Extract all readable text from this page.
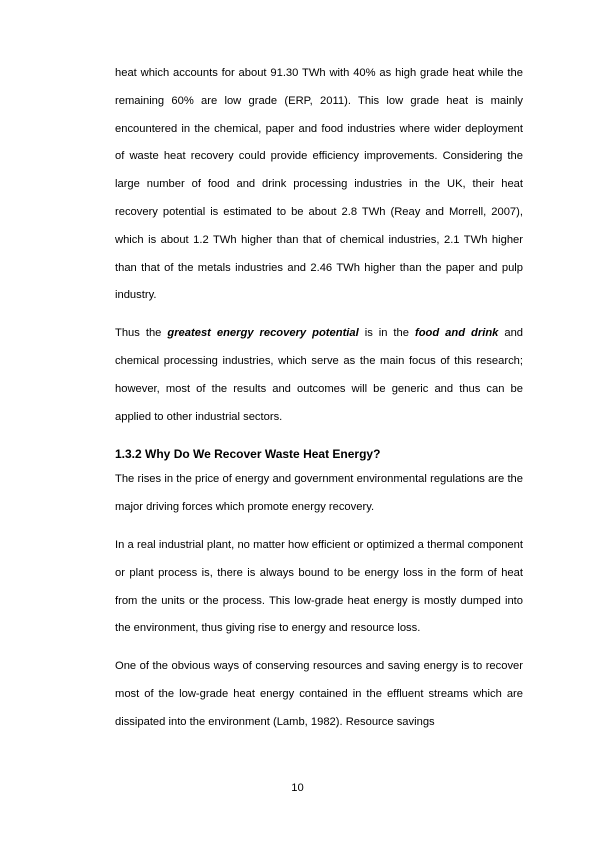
heat which accounts for about 91.30 TWh with 40% as high grade heat while the remaining 60% are low grade (ERP, 2011). This low grade heat is mainly encountered in the chemical, paper and food industries where wider deployment of waste heat recovery could provide efficiency improvements. Considering the large number of food and drink processing industries in the UK, their heat recovery potential is estimated to be about 2.8 TWh (Reay and Morrell, 2007), which is about 1.2 TWh higher than that of chemical industries, 2.1 TWh higher than that of the metals industries and 2.46 TWh higher than the paper and pulp industry.

Thus the greatest energy recovery potential is in the food and drink and chemical processing industries, which serve as the main focus of this research; however, most of the results and outcomes will be generic and thus can be applied to other industrial sectors.

1.3.2 Why Do We Recover Waste Heat Energy?

The rises in the price of energy and government environmental regulations are the major driving forces which promote energy recovery.

In a real industrial plant, no matter how efficient or optimized a thermal component or plant process is, there is always bound to be energy loss in the form of heat from the units or the process. This low-grade heat energy is mostly dumped into the environment, thus giving rise to energy and resource loss.

One of the obvious ways of conserving resources and saving energy is to recover most of the low-grade heat energy contained in the effluent streams which are dissipated into the environment (Lamb, 1982). Resource savings

10
